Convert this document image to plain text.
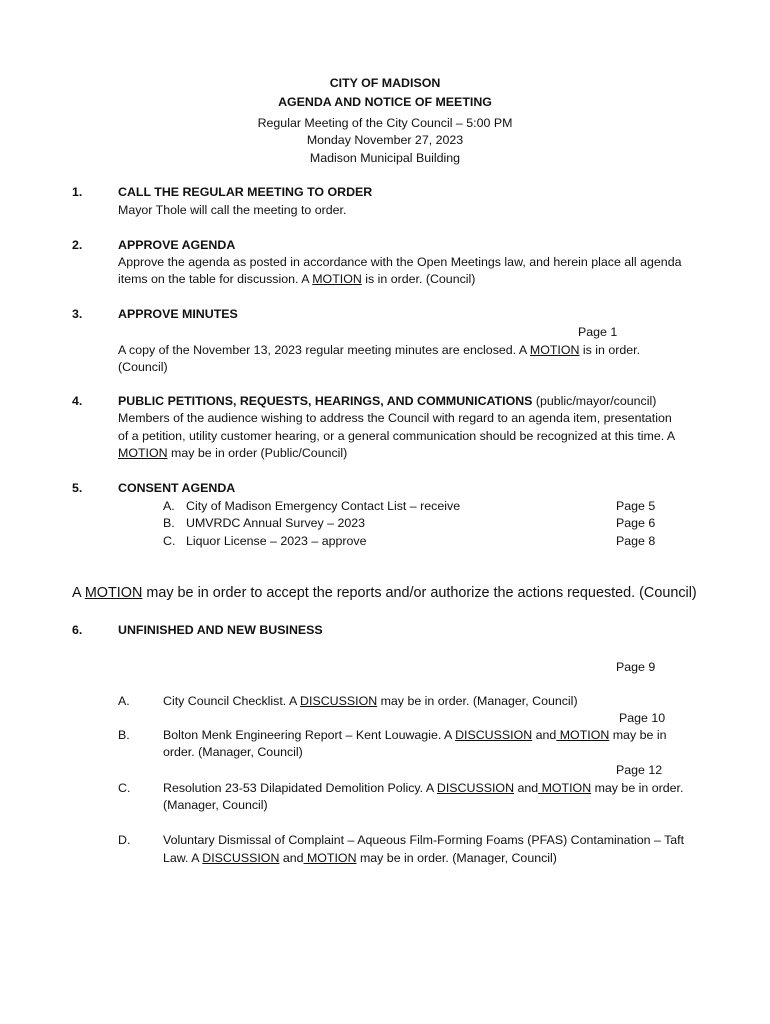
CITY OF MADISON
AGENDA AND NOTICE OF MEETING
Regular Meeting of the City Council – 5:00 PM
Monday November 27, 2023
Madison Municipal Building
1.	CALL THE REGULAR MEETING TO ORDER
Mayor Thole will call the meeting to order.
2.	APPROVE AGENDA
Approve the agenda as posted in accordance with the Open Meetings law, and herein place all agenda
items on the table for discussion. A MOTION is in order. (Council)
3.	APPROVE MINUTES
Page 1
A copy of the November 13, 2023 regular meeting minutes are enclosed. A MOTION is in order.
(Council)
4.	PUBLIC PETITIONS, REQUESTS, HEARINGS, AND COMMUNICATIONS (public/mayor/council)
Members of the audience wishing to address the Council with regard to an agenda item, presentation
of a petition, utility customer hearing, or a general communication should be recognized at this time. A
MOTION may be in order (Public/Council)
5.	CONSENT AGENDA
A. City of Madison Emergency Contact List – receive	Page 5
B. UMVRDC Annual Survey – 2023	Page 6
C. Liquor License – 2023 – approve	Page 8
A MOTION may be in order to accept the reports and/or authorize the actions requested. (Council)
6.	UNFINISHED AND NEW BUSINESS
Page 9
A.	City Council Checklist. A DISCUSSION may be in order. (Manager, Council)
Page 10
B.	Bolton Menk Engineering Report – Kent Louwagie. A DISCUSSION and MOTION may be in
order. (Manager, Council)
Page 12
C.	Resolution 23-53 Dilapidated Demolition Policy. A DISCUSSION and MOTION may be in order.
(Manager, Council)
D.	Voluntary Dismissal of Complaint – Aqueous Film-Forming Foams (PFAS) Contamination – Taft
Law. A DISCUSSION and MOTION may be in order. (Manager, Council)
